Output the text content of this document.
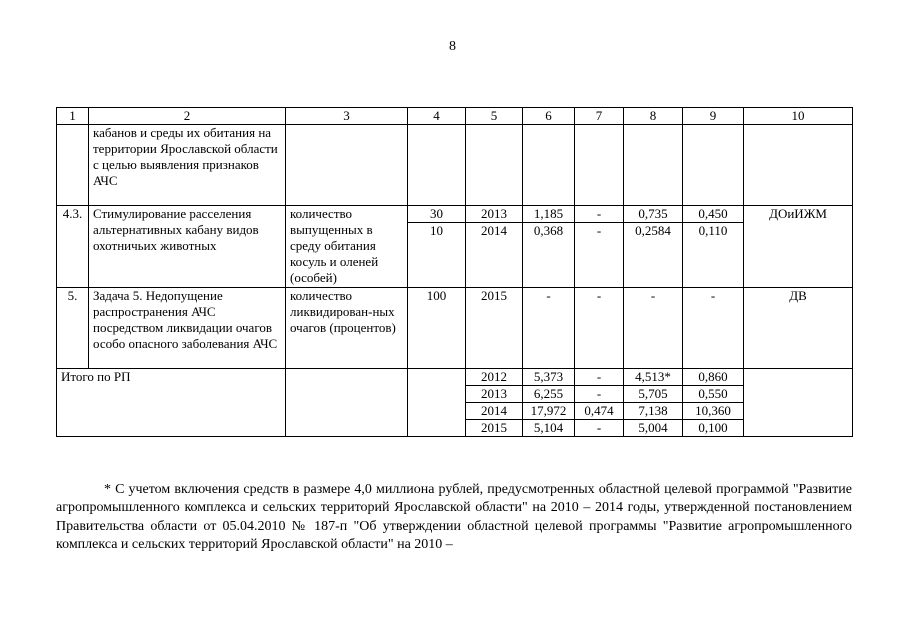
8
1	2	3	4	5	6	7	8	9	10
	кабанов и среды их обитания на территории Ярославской области с целью выявления признаков АЧС								
4.3.	Стимулирование расселения альтернативных кабану видов охотничьих животных	количество выпущенных в среду обитания косуль и оленей (особей)	30	2013	1,185	-	0,735	0,450	ДОиИЖМ
			10	2014	0,368	-	0,2584	0,110	
5.	Задача 5. Недопущение распространения АЧС посредством ликвидации очагов особо опасного заболевания АЧС	количество ликвидирован-ных очагов (процентов)	100	2015	-	-	-	-	ДВ
Итого по РП				2012	5,373	-	4,513*	0,860	
				2013	6,255	-	5,705	0,550	
				2014	17,972	0,474	7,138	10,360	
				2015	5,104	-	5,004	0,100	

* С учетом включения средств в размере 4,0 миллиона рублей, предусмотренных областной целевой программой "Развитие агропромышленного комплекса и сельских территорий Ярославской области" на 2010 – 2014 годы, утвержденной постановлением Правительства области от 05.04.2010 № 187-п "Об утверждении областной целевой программы "Развитие агропромышленного комплекса и сельских территорий Ярославской области" на 2010 –
